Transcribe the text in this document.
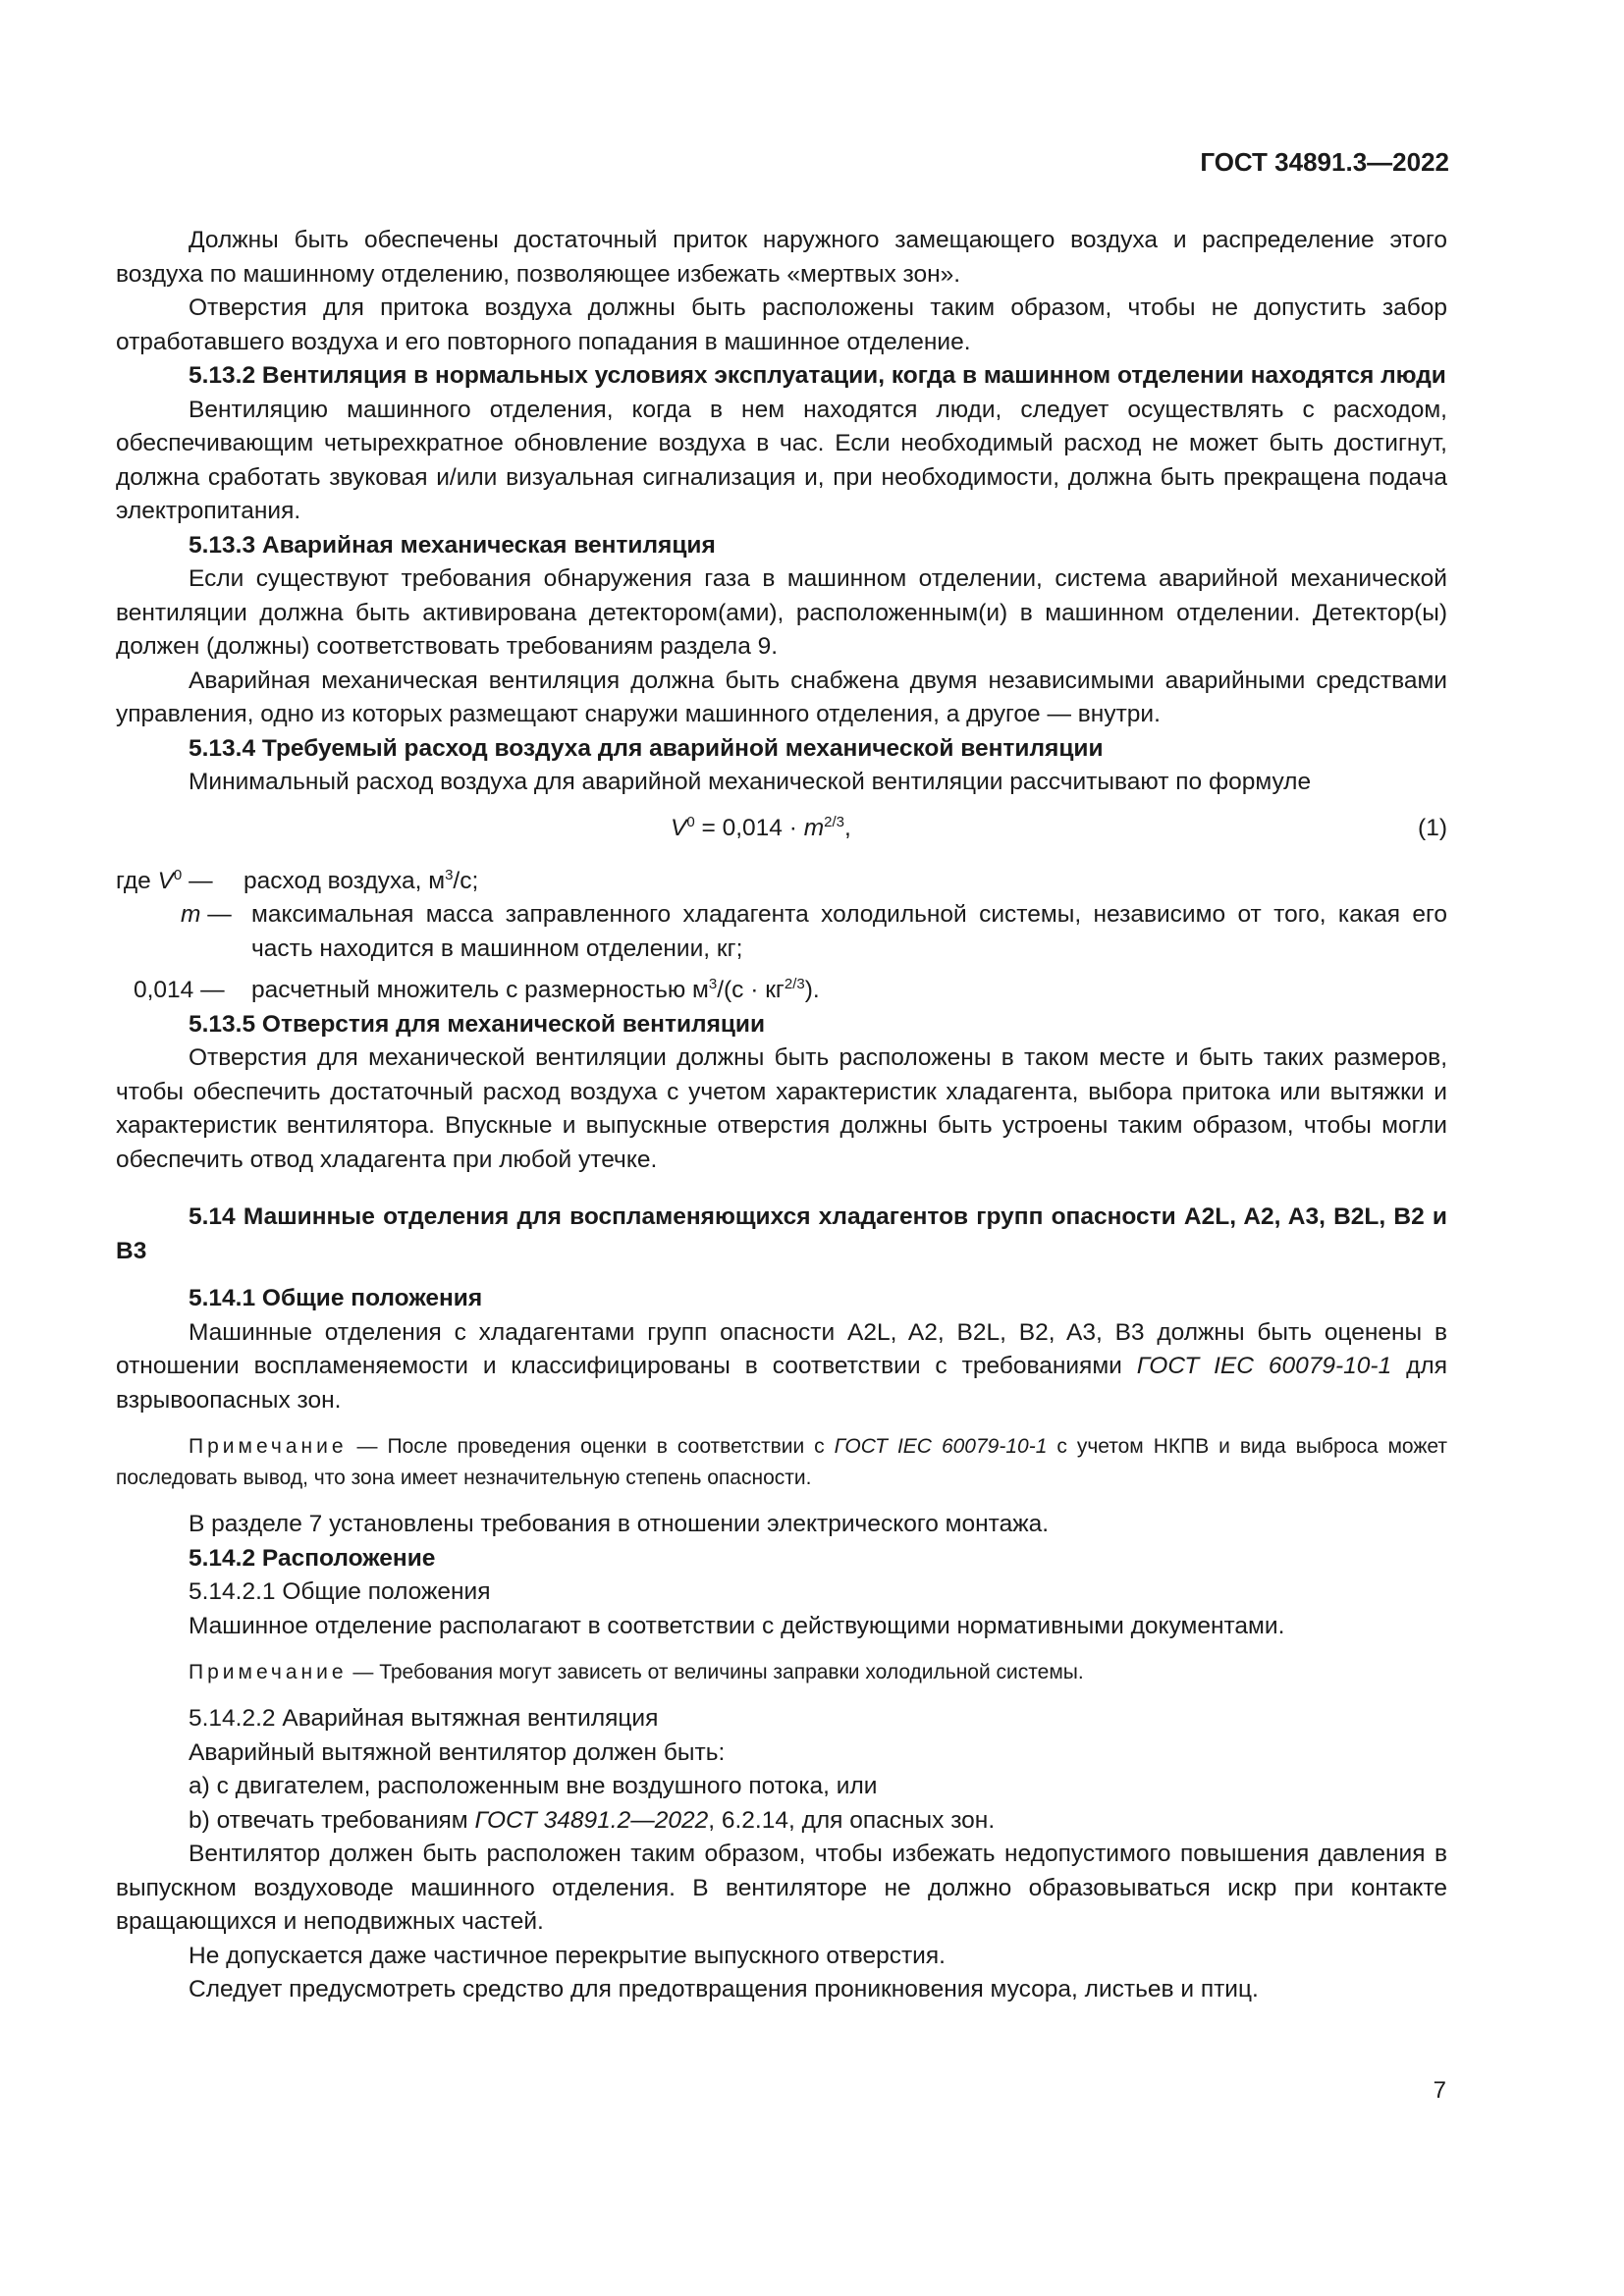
ГОСТ 34891.3—2022

Должны быть обеспечены достаточный приток наружного замещающего воздуха и распределение этого воздуха по машинному отделению, позволяющее избежать «мертвых зон».

Отверстия для притока воздуха должны быть расположены таким образом, чтобы не допустить забор отработавшего воздуха и его повторного попадания в машинное отделение.

5.13.2 Вентиляция в нормальных условиях эксплуатации, когда в машинном отделении находятся люди

Вентиляцию машинного отделения, когда в нем находятся люди, следует осуществлять с расходом, обеспечивающим четырехкратное обновление воздуха в час. Если необходимый расход не может быть достигнут, должна сработать звуковая и/или визуальная сигнализация и, при необходимости, должна быть прекращена подача электропитания.

5.13.3 Аварийная механическая вентиляция

Если существуют требования обнаружения газа в машинном отделении, система аварийной механической вентиляции должна быть активирована детектором(ами), расположенным(и) в машинном отделении. Детектор(ы) должен (должны) соответствовать требованиям раздела 9.

Аварийная механическая вентиляция должна быть снабжена двумя независимыми аварийными средствами управления, одно из которых размещают снаружи машинного отделения, а другое — внутри.

5.13.4 Требуемый расход воздуха для аварийной механической вентиляции

Минимальный расход воздуха для аварийной механической вентиляции рассчитывают по формуле

$V^0 = 0,014 \cdot m^{2/3}$,	(1)
где $V^0$ — расход воздуха, $м^3/с$;
m — максимальная масса заправленного хладагента холодильной системы, независимо от того, какая его часть находится в машинном отделении, кг;
0,014 — расчетный множитель с размерностью $м^3/(с \cdot кг^{2/3})$.

5.13.5 Отверстия для механической вентиляции

Отверстия для механической вентиляции должны быть расположены в таком месте и быть таких размеров, чтобы обеспечить достаточный расход воздуха с учетом характеристик хладагента, выбора притока или вытяжки и характеристик вентилятора. Впускные и выпускные отверстия должны быть устроены таким образом, чтобы могли обеспечить отвод хладагента при любой утечке.

5.14 Машинные отделения для воспламеняющихся хладагентов групп опасности A2L, A2, A3, B2L, B2 и B3

5.14.1 Общие положения

Машинные отделения с хладагентами групп опасности A2L, A2, B2L, B2, A3, B3 должны быть оценены в отношении воспламеняемости и классифицированы в соответствии с требованиями ГОСТ IEC 60079-10-1 для взрывоопасных зон.

Примечание — После проведения оценки в соответствии с ГОСТ IEC 60079-10-1 с учетом НКПВ и вида выброса может последовать вывод, что зона имеет незначительную степень опасности.

В разделе 7 установлены требования в отношении электрического монтажа.

5.14.2 Расположение

5.14.2.1 Общие положения

Машинное отделение располагают в соответствии с действующими нормативными документами.

Примечание — Требования могут зависеть от величины заправки холодильной системы.

5.14.2.2 Аварийная вытяжная вентиляция

Аварийный вытяжной вентилятор должен быть:

a) с двигателем, расположенным вне воздушного потока, или

b) отвечать требованиям ГОСТ 34891.2—2022, 6.2.14, для опасных зон.

Вентилятор должен быть расположен таким образом, чтобы избежать недопустимого повышения давления в выпускном воздуховоде машинного отделения. В вентиляторе не должно образовываться искр при контакте вращающихся и неподвижных частей.

Не допускается даже частичное перекрытие выпускного отверстия.

Следует предусмотреть средство для предотвращения проникновения мусора, листьев и птиц.

7
